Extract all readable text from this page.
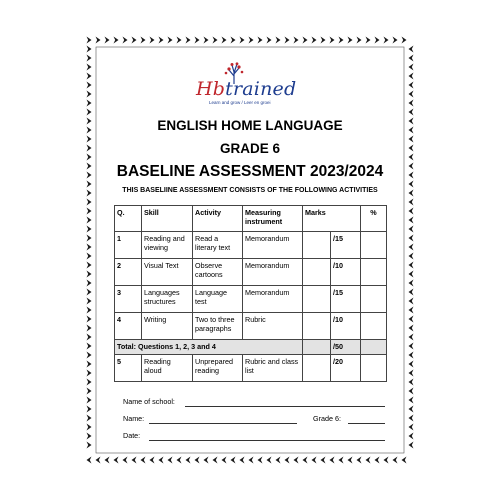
Hbtrained
Learn and grow / Leer en groei
ENGLISH HOME LANGUAGE
GRADE 6
BASELINE ASSESSMENT 2023/2024
THIS BASELIINE ASSESSMENT CONSISTS OF THE FOLLOWING ACTIVITIES
Q.	Skill	Activity	Measuring instrument	Marks		%
1	Reading and viewing	Read a literary text	Memorandum		/15	
2	Visual Text	Observe cartoons	Memorandum		/10	
3	Languages structures	Language test	Memorandum		/15	
4	Writing	Two to three paragraphs	Rubric		/10	
Total: Questions 1, 2, 3 and 4					/50	
5	Reading aloud	Unprepared reading	Rubric and class list		/20	
Name of school:
Name:	Grade 6:
Date:
